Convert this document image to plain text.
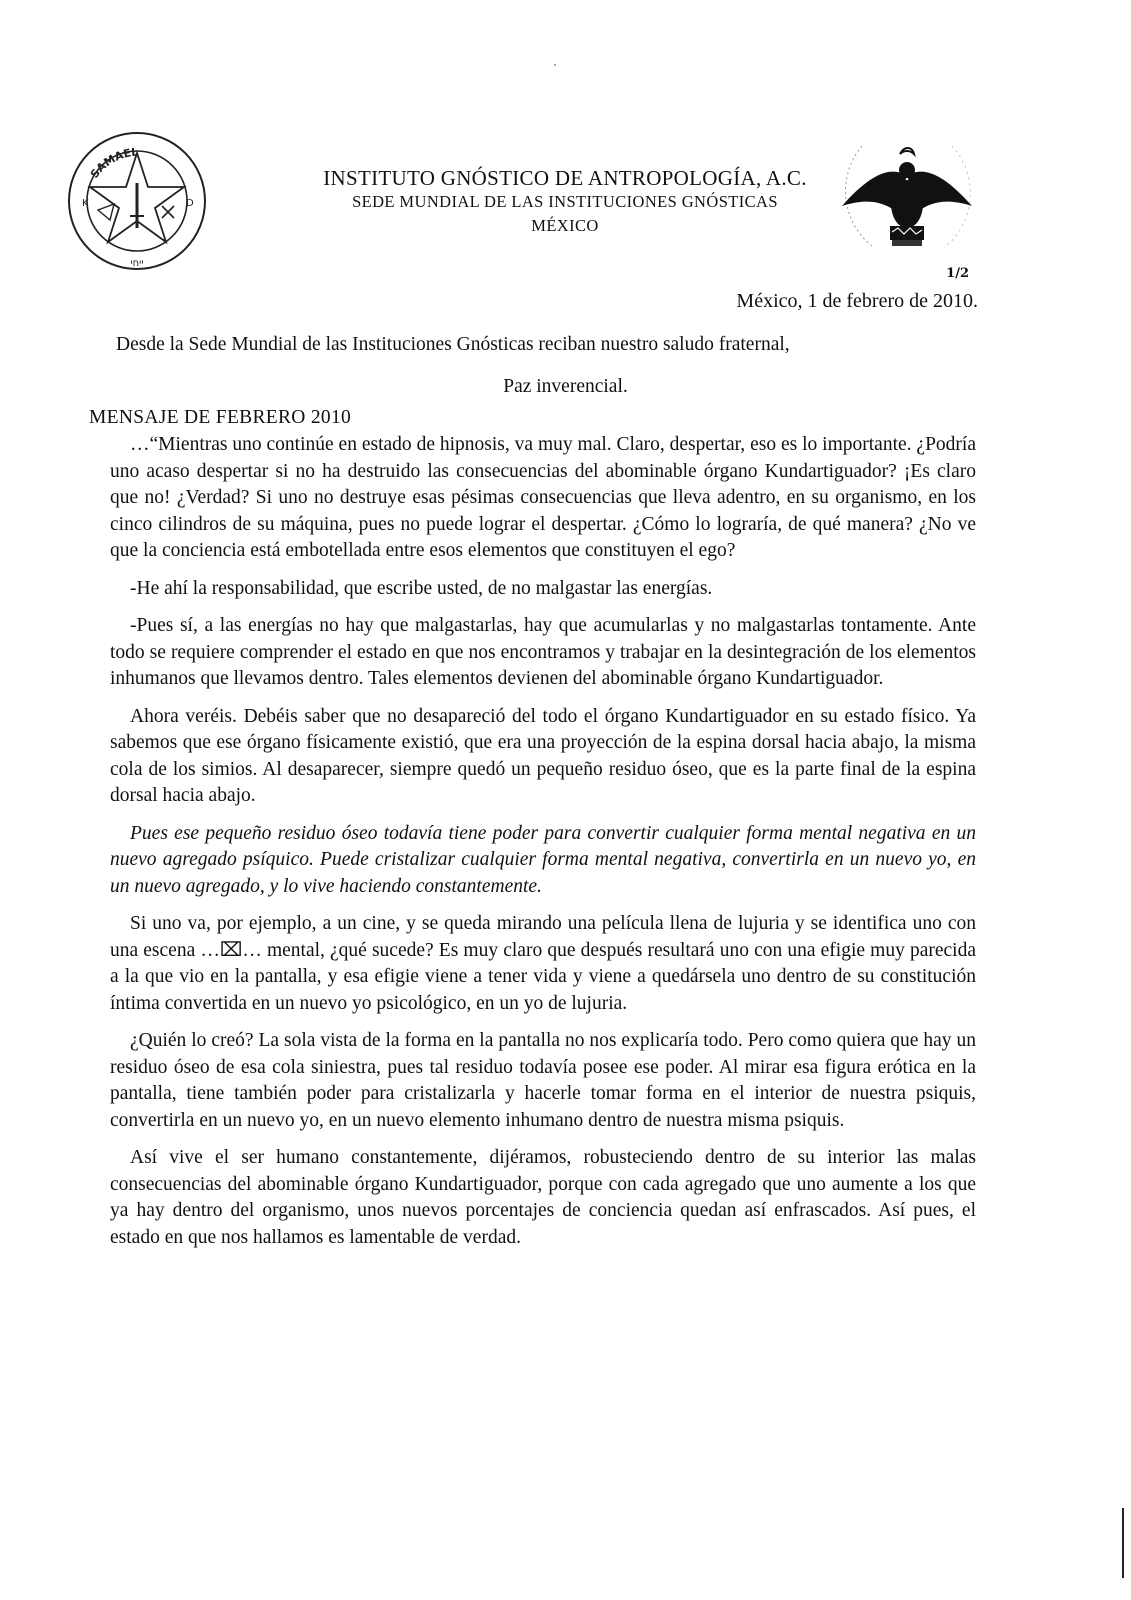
ייחי
K	D
SAMAEL
INSTITUTO GNÓSTICO DE ANTROPOLOGÍA, A.C.
SEDE MUNDIAL DE LAS INSTITUCIONES GNÓSTICAS
MÉXICO
1/2
México, 1 de febrero de 2010.
Desde la Sede Mundial de las Instituciones Gnósticas reciban nuestro saludo fraternal,
Paz inverencial.
MENSAJE DE FEBRERO 2010

…“Mientras uno continúe en estado de hipnosis, va muy mal. Claro, despertar, eso es lo importante. ¿Podría uno acaso despertar si no ha destruido las consecuencias del abominable órgano Kundartiguador? ¡Es claro que no! ¿Verdad? Si uno no destruye esas pésimas consecuencias que lleva adentro, en su organismo, en los cinco cilindros de su máquina, pues no puede lograr el despertar. ¿Cómo lo lograría, de qué manera? ¿No ve que la conciencia está embotellada entre esos elementos que constituyen el ego?

-He ahí la responsabilidad, que escribe usted, de no malgastar las energías.

-Pues sí, a las energías no hay que malgastarlas, hay que acumularlas y no malgastarlas tontamente. Ante todo se requiere comprender el estado en que nos encontramos y trabajar en la desintegración de los elementos inhumanos que llevamos dentro. Tales elementos devienen del abominable órgano Kundartiguador.

Ahora veréis. Debéis saber que no desapareció del todo el órgano Kundartiguador en su estado físico. Ya sabemos que ese órgano físicamente existió, que era una proyección de la espina dorsal hacia abajo, la misma cola de los simios. Al desaparecer, siempre quedó un pequeño residuo óseo, que es la parte final de la espina dorsal hacia abajo.

Pues ese pequeño residuo óseo todavía tiene poder para convertir cualquier forma mental negativa en un nuevo agregado psíquico. Puede cristalizar cualquier forma mental negativa, convertirla en un nuevo yo, en un nuevo agregado, y lo vive haciendo constantemente.

Si uno va, por ejemplo, a un cine, y se queda mirando una película llena de lujuria y se identifica uno con una escena …⌧… mental, ¿qué sucede? Es muy claro que después resultará uno con una efigie muy parecida a la que vio en la pantalla, y esa efigie viene a tener vida y viene a quedársela uno dentro de su constitución íntima convertida en un nuevo yo psicológico, en un yo de lujuria.

¿Quién lo creó? La sola vista de la forma en la pantalla no nos explicaría todo. Pero como quiera que hay un residuo óseo de esa cola siniestra, pues tal residuo todavía posee ese poder. Al mirar esa figura erótica en la pantalla, tiene también poder para cristalizarla y hacerle tomar forma en el interior de nuestra psiquis, convertirla en un nuevo yo, en un nuevo elemento inhumano dentro de nuestra misma psiquis.

Así vive el ser humano constantemente, dijéramos, robusteciendo dentro de su interior las malas consecuencias del abominable órgano Kundartiguador, porque con cada agregado que uno aumente a los que ya hay dentro del organismo, unos nuevos porcentajes de conciencia quedan así enfrascados. Así pues, el estado en que nos hallamos es lamentable de verdad.
